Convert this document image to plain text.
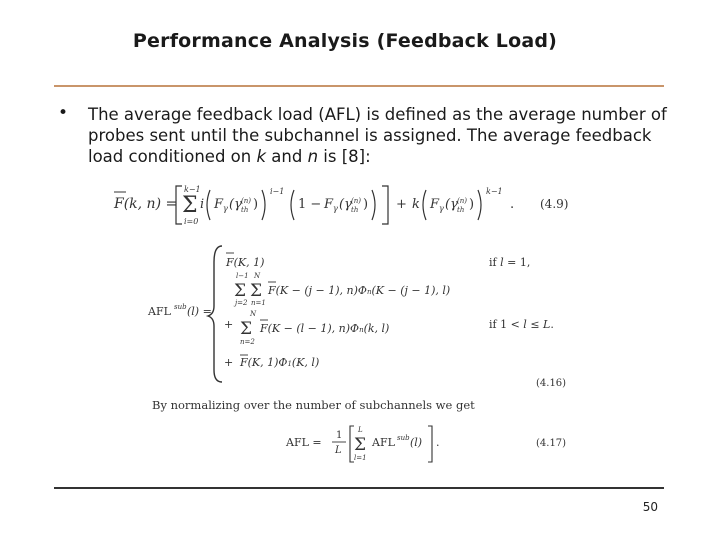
Performance Analysis (Feedback Load)
• The average feedback load (AFL) is defined as the average number of probes sent until the subchannel is assigned. The average feedback load conditioned on k and n is [8]:
F(k, n) =
k−1
Σ
i=0
i F γ (γ (n)
th )
i−1
1 − F γ (γ (n)
th ) + k F γ (γ (n)
th )
k−1
. (4.9)
AFL sub (l) =
F(K, 1)	if l = 1,
l−1 N
Σ Σ
j=2 n=1
F(K − (j − 1), n)Φn(K − (j − 1), l)
+
N
Σ
n=2
F(K − (l − 1), n)Φn(k, l)	if 1 < l ≤ L.
+ F(K, 1)Φ1(K, l)
(4.16)
By normalizing over the number of subchannels we get
AFL =
1
L
L
Σ
l=1
AFL sub (l) .	(4.17)
50
